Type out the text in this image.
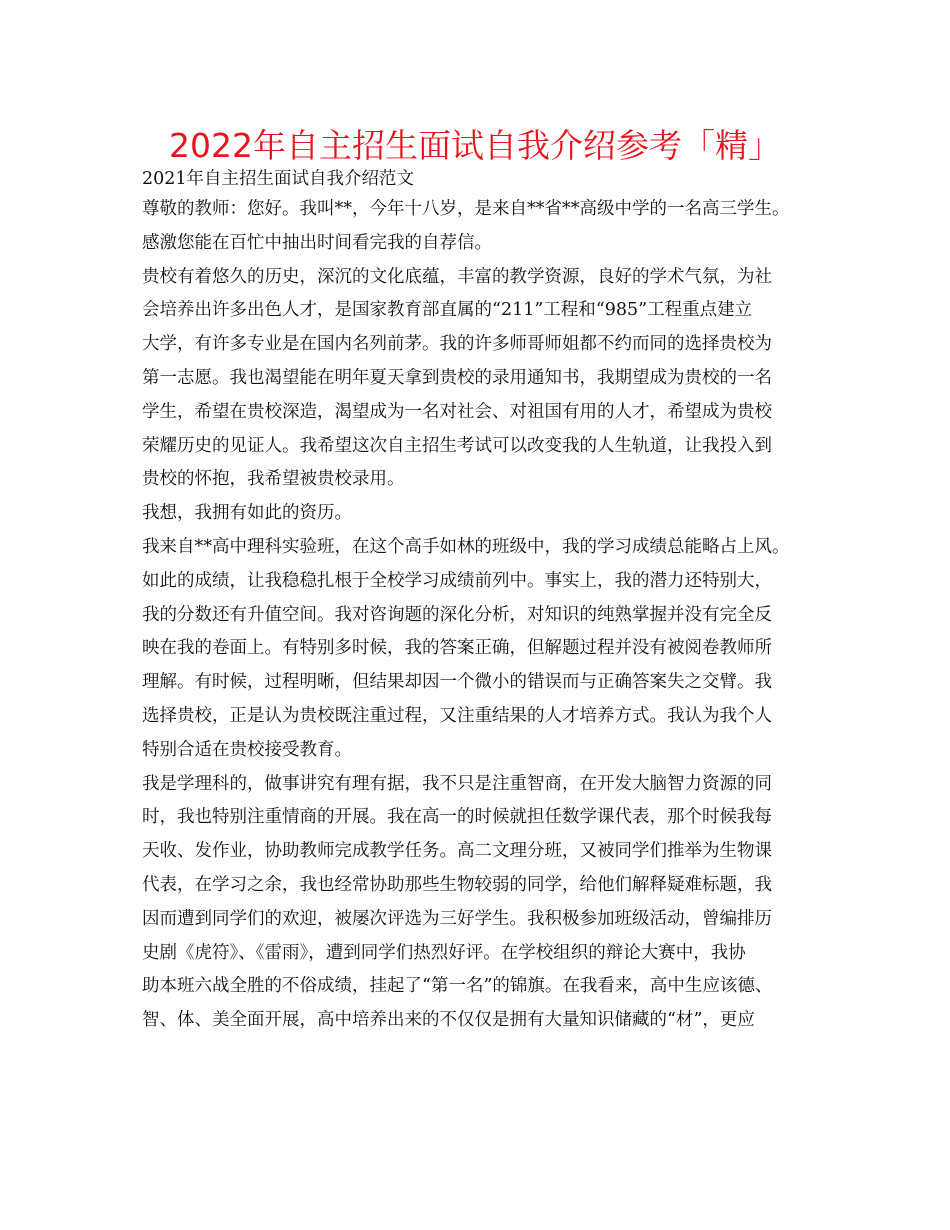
2022年自主招生面试自我介绍参考「精」
2021年自主招生面试自我介绍范文
尊敬的教师：您好。我叫**，今年十八岁，是来自**省**高级中学的一名高三学生。
感激您能在百忙中抽出时间看完我的自荐信。
贵校有着悠久的历史，深沉的文化底蕴，丰富的教学资源，良好的学术气氛，为社
会培养出许多出色人才，是国家教育部直属的“211”工程和“985”工程重点建立
大学，有许多专业是在国内名列前茅。我的许多师哥师姐都不约而同的选择贵校为
第一志愿。我也渴望能在明年夏天拿到贵校的录用通知书，我期望成为贵校的一名
学生，希望在贵校深造，渴望成为一名对社会、对祖国有用的人才，希望成为贵校
荣耀历史的见证人。我希望这次自主招生考试可以改变我的人生轨道，让我投入到
贵校的怀抱，我希望被贵校录用。
我想，我拥有如此的资历。
我来自**高中理科实验班，在这个高手如林的班级中，我的学习成绩总能略占上风。
如此的成绩，让我稳稳扎根于全校学习成绩前列中。事实上，我的潜力还特别大，
我的分数还有升值空间。我对咨询题的深化分析，对知识的纯熟掌握并没有完全反
映在我的卷面上。有特别多时候，我的答案正确，但解题过程并没有被阅卷教师所
理解。有时候，过程明晰，但结果却因一个微小的错误而与正确答案失之交臂。我
选择贵校，正是认为贵校既注重过程，又注重结果的人才培养方式。我认为我个人
特别合适在贵校接受教育。
我是学理科的，做事讲究有理有据，我不只是注重智商，在开发大脑智力资源的同
时，我也特别注重情商的开展。我在高一的时候就担任数学课代表，那个时候我每
天收、发作业，协助教师完成教学任务。高二文理分班，又被同学们推举为生物课
代表，在学习之余，我也经常协助那些生物较弱的同学，给他们解释疑难标题，我
因而遭到同学们的欢迎，被屡次评选为三好学生。我积极参加班级活动，曾编排历
史剧《虎符》、《雷雨》，遭到同学们热烈好评。在学校组织的辩论大赛中，我协
助本班六战全胜的不俗成绩，挂起了“第一名”的锦旗。在我看来，高中生应该德、
智、体、美全面开展，高中培养出来的不仅仅是拥有大量知识储藏的“材”，更应
